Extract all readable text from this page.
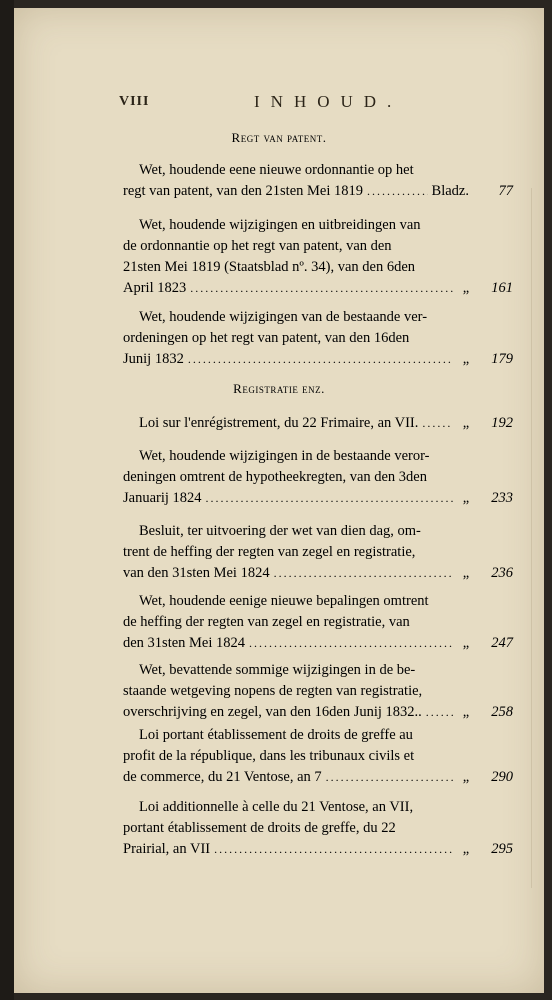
VIII	INHOUD.
Regt van patent.
Registratie enz.
Wet, houdende eene nieuwe ordonnantie op het
regt van patent, van den 21sten Mei 1819 .....	Bladz.	77
Wet, houdende wijzigingen en uitbreidingen van
de ordonnantie op het regt van patent, van den
21sten Mei 1819 (Staatsblad nº. 34), van den 6den
April 1823 .....	„	161
Wet, houdende wijzigingen van de bestaande ver-
ordeningen op het regt van patent, van den 16den
Junij 1832 .....	„	179
Loi sur l'enrégistrement, du 22 Frimaire, an VII. .....	„	192
Wet, houdende wijzigingen in de bestaande veror-
deningen omtrent de hypotheekregten, van den 3den
Januarij 1824 .....	„	233
Besluit, ter uitvoering der wet van dien dag, om-
trent de heffing der regten van zegel en registratie,
van den 31sten Mei 1824 .....	„	236
Wet, houdende eenige nieuwe bepalingen omtrent
de heffing der regten van zegel en registratie, van
den 31sten Mei 1824 .....	„	247
Wet, bevattende sommige wijzigingen in de be-
staande wetgeving nopens de regten van registratie,
overschrijving en zegel, van den 16den Junij 1832.. .....	„	258
Loi portant établissement de droits de greffe au
profit de la république, dans les tribunaux civils et
de commerce, du 21 Ventose, an 7 .....	„	290
Loi additionnelle à celle du 21 Ventose, an VII,
portant établissement de droits de greffe, du 22
Prairial, an VII .....	„	295
